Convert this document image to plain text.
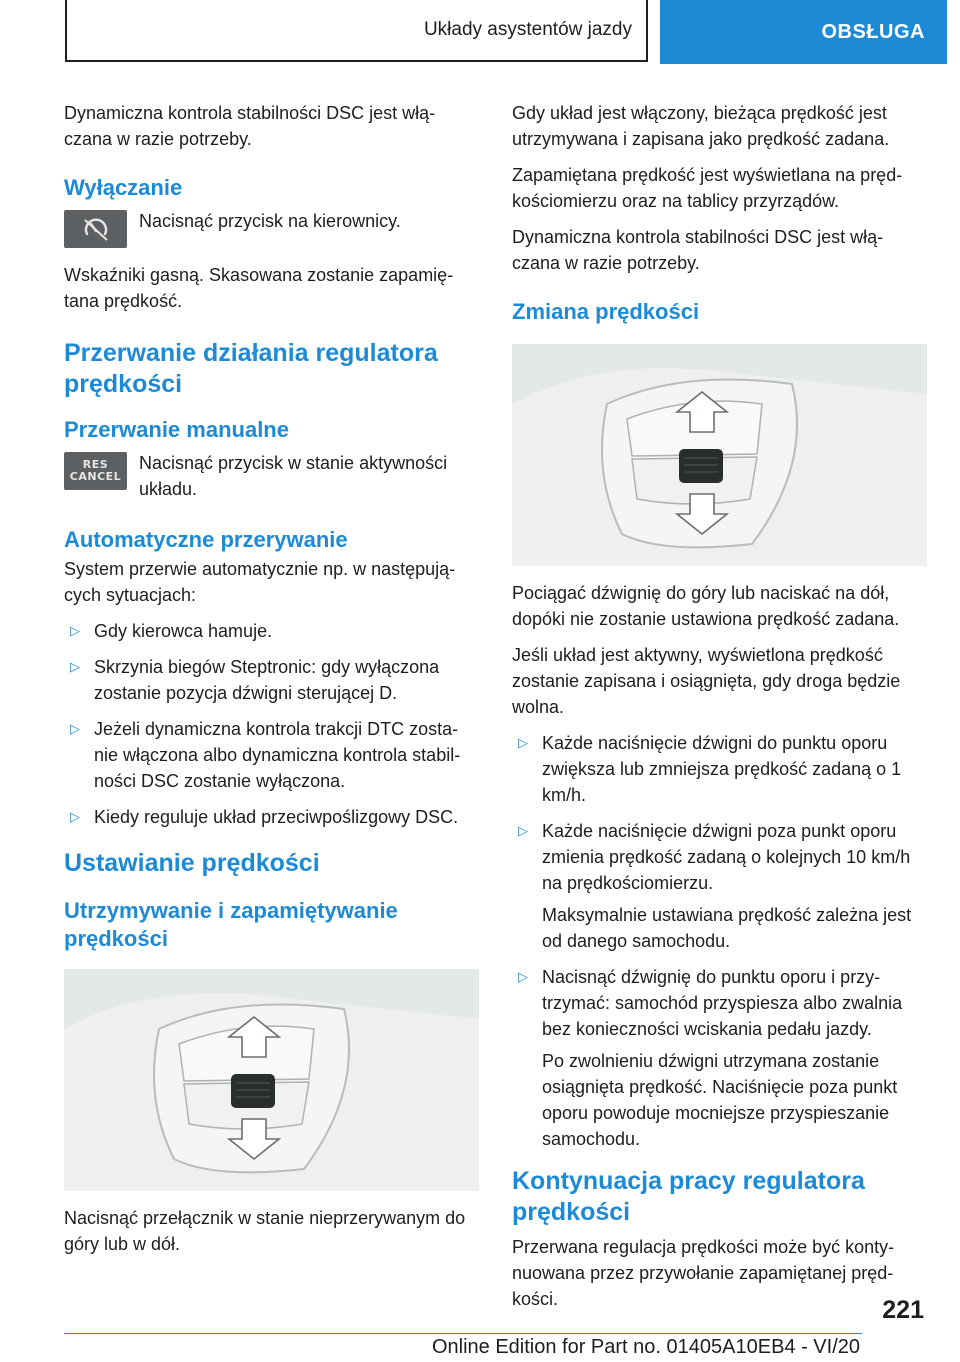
Układy asystentów jazdy	OBSŁUGA

Dynamiczna kontrola stabilności DSC jest włą-czana w razie potrzeby.

Wyłączanie

Nacisnąć przycisk na kierownicy.

Wskaźniki gasną. Skasowana zostanie zapamię-tana prędkość.

Przerwanie działania regulatora prędkości
Przerwanie manualne
RES
CANCEL

Nacisnąć przycisk w stanie aktywności układu.

Automatyczne przerywanie

System przerwie automatycznie np. w następują-cych sytuacjach:

▷ Gdy kierowca hamuje.
▷ Skrzynia biegów Steptronic: gdy wyłączona zostanie pozycja dźwigni sterującej D.
▷ Jeżeli dynamiczna kontrola trakcji DTC zosta-nie włączona albo dynamiczna kontrola stabil-ności DSC zostanie wyłączona.
▷ Kiedy reguluje układ przeciwpoślizgowy DSC.
Ustawianie prędkości
Utrzymywanie i zapamiętywanie prędkości

Nacisnąć przełącznik w stanie nieprzerywanym do góry lub w dół.

Gdy układ jest włączony, bieżąca prędkość jest utrzymywana i zapisana jako prędkość zadana.

Zapamiętana prędkość jest wyświetlana na pręd-kościomierzu oraz na tablicy przyrządów.

Dynamiczna kontrola stabilności DSC jest włą-czana w razie potrzeby.

Zmiana prędkości

Pociągać dźwignię do góry lub naciskać na dół, dopóki nie zostanie ustawiona prędkość zadana.

Jeśli układ jest aktywny, wyświetlona prędkość zostanie zapisana i osiągnięta, gdy droga będzie wolna.

▷ Każde naciśnięcie dźwigni do punktu oporu zwiększa lub zmniejsza prędkość zadaną o 1 km/h.
▷ Każde naciśnięcie dźwigni poza punkt oporu zmienia prędkość zadaną o kolejnych 10 km/h na prędkościomierzu.

Maksymalnie ustawiana prędkość zależna jest od danego samochodu.

▷ Nacisnąć dźwignię do punktu oporu i przy-trzymać: samochód przyspiesza albo zwalnia bez konieczności wciskania pedału jazdy.

Po zwolnieniu dźwigni utrzymana zostanie osiągnięta prędkość. Naciśnięcie poza punkt oporu powoduje mocniejsze przyspieszanie samochodu.

Kontynuacja pracy regulatora prędkości

Przerwana regulacja prędkości może być konty-nuowana przez przywołanie zapamiętanej pręd-kości.	221
Online Edition for Part no. 01405A10EB4 - VI/20
